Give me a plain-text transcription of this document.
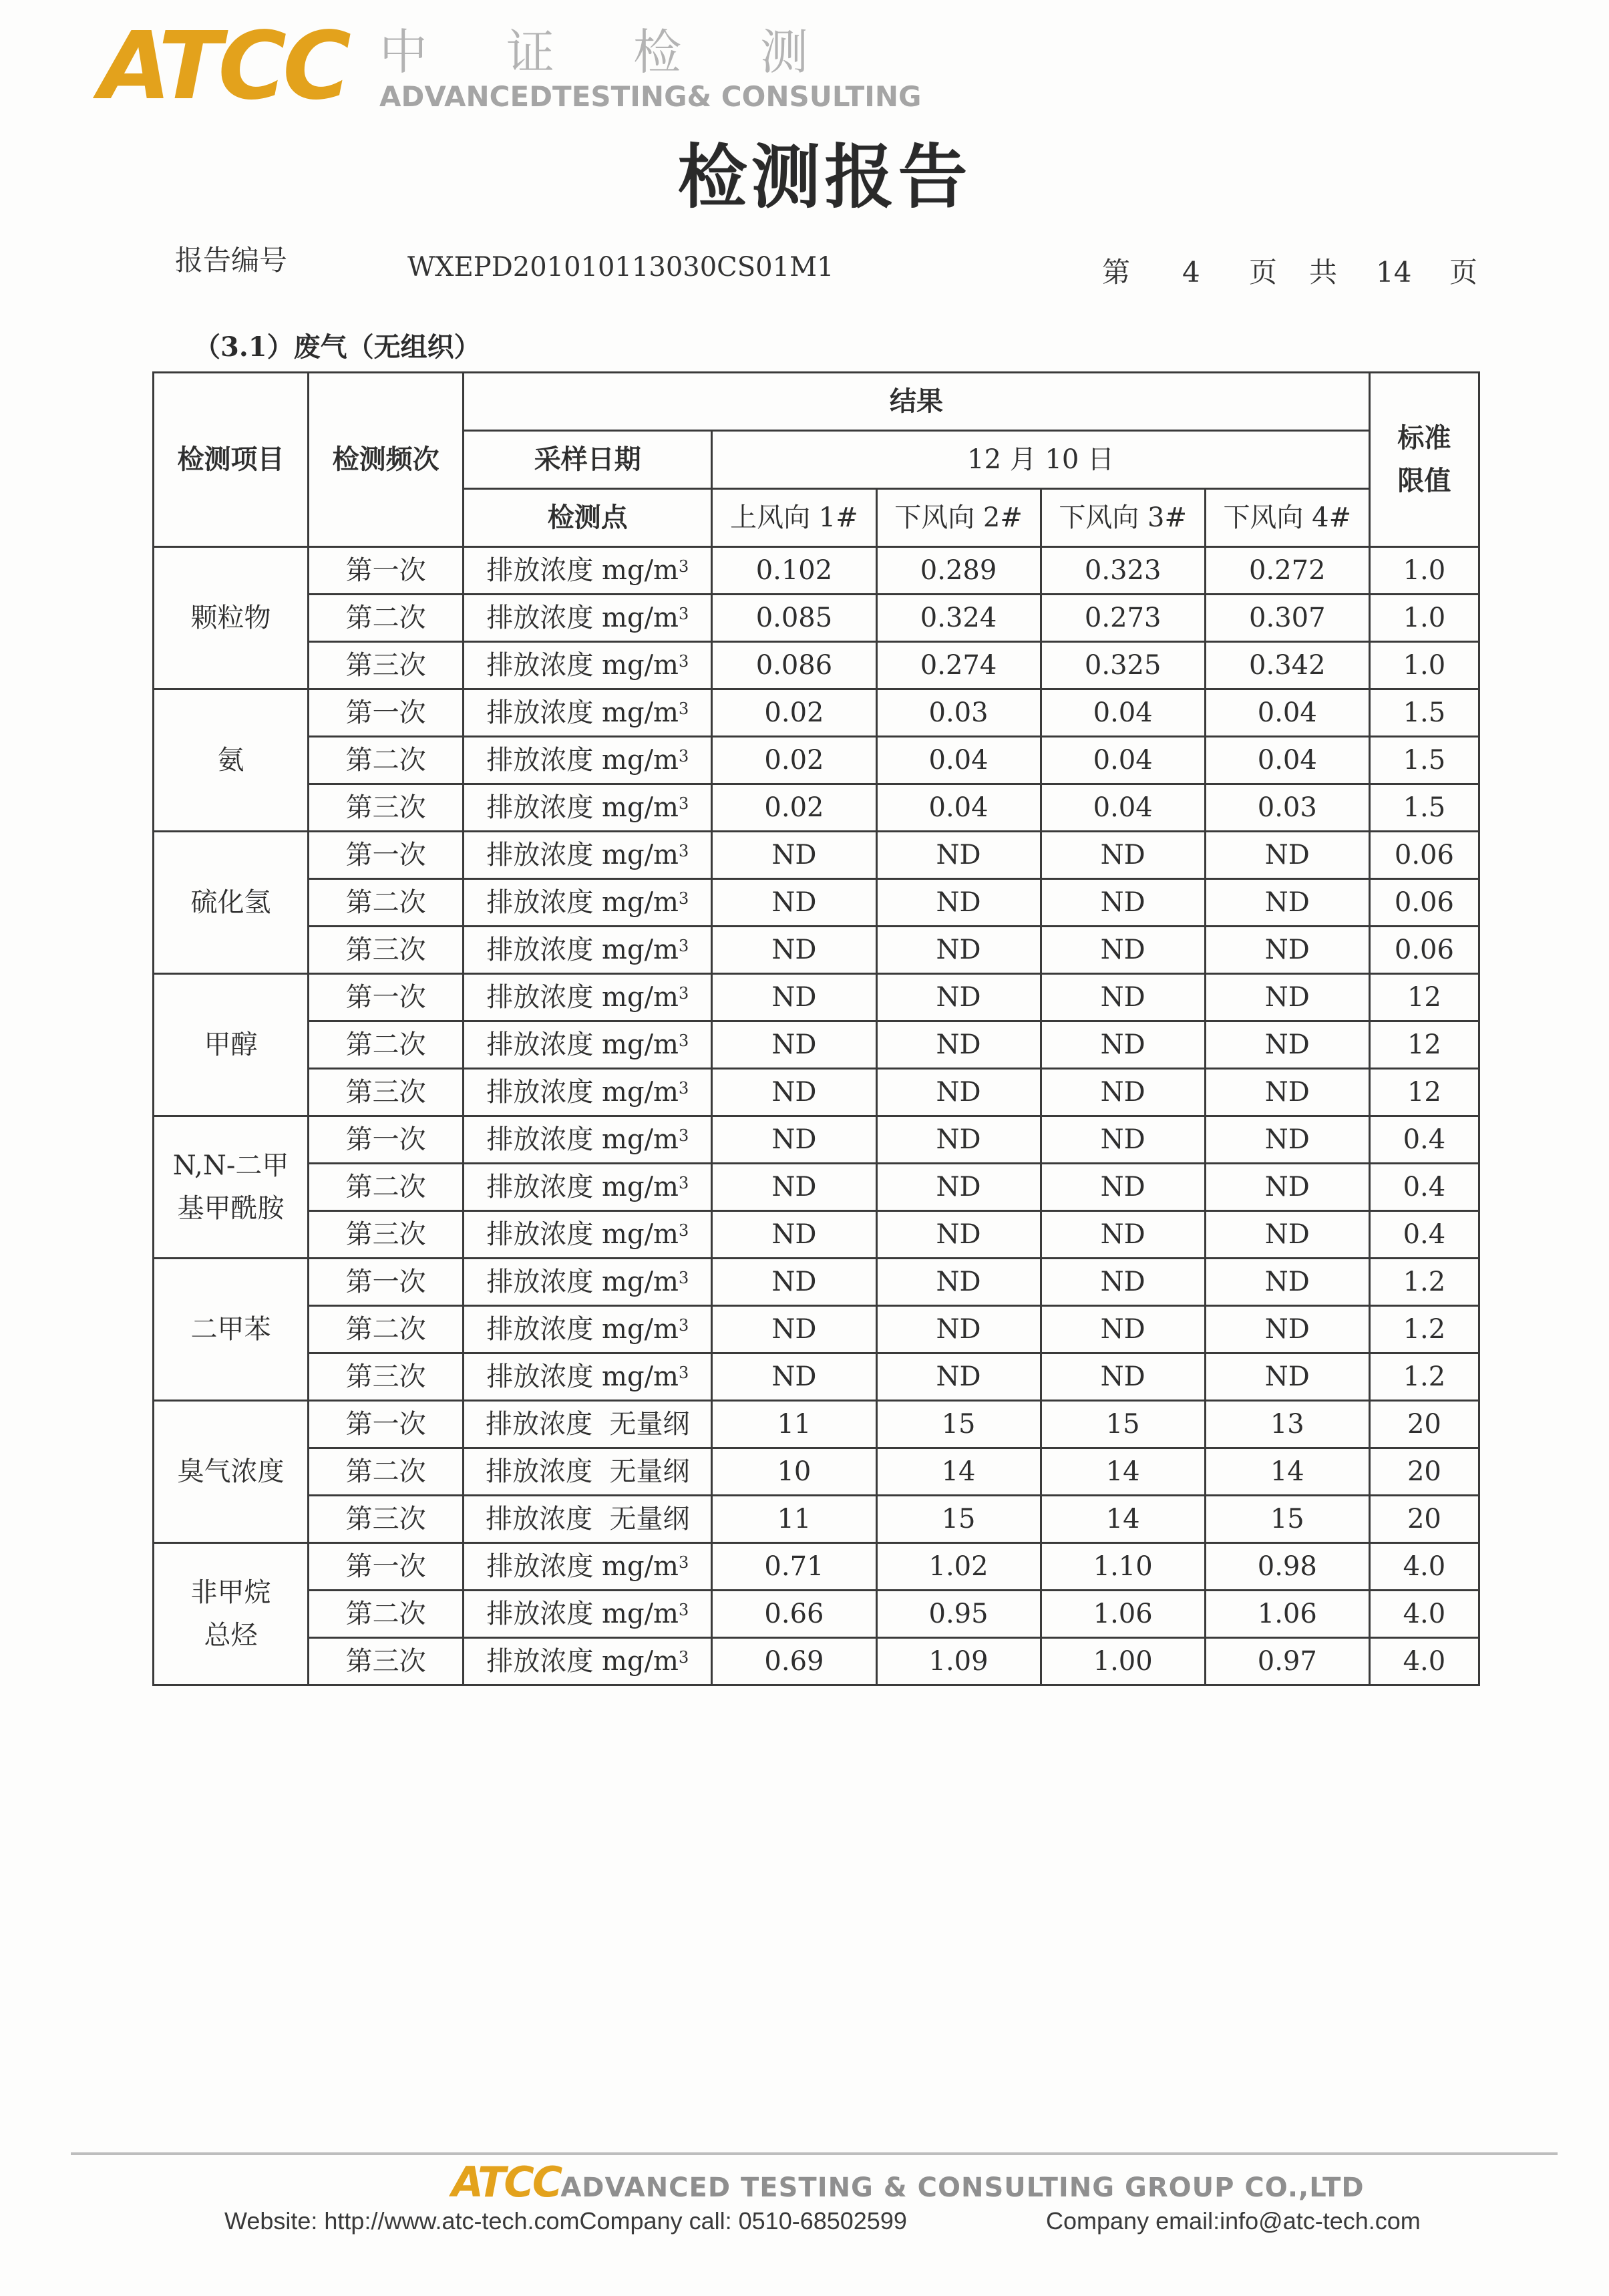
ATCC 中证检测
ADVANCEDTESTING& CONSULTING
检测报告
报告编号	WXEPD201010113030CS01M1	第 4 页 共 14 页
（3.1）废气（无组织）
检测项目	检测频次	结果					标准
限值

		采样日期	12 月 10 日				
		检测点	上风向 1#	下风向 2#	下风向 3#	下风向 4#	
颗粒物	第一次	排放浓度 $mg/m^3$	0.102	0.289	0.323	0.272	1.0
	第二次	排放浓度 $mg/m^3$	0.085	0.324	0.273	0.307	1.0
	第三次	排放浓度 $mg/m^3$	0.086	0.274	0.325	0.342	1.0
氨	第一次	排放浓度 $mg/m^3$	0.02	0.03	0.04	0.04	1.5
	第二次	排放浓度 $mg/m^3$	0.02	0.04	0.04	0.04	1.5
	第三次	排放浓度 $mg/m^3$	0.02	0.04	0.04	0.03	1.5
硫化氢	第一次	排放浓度 $mg/m^3$	ND	ND	ND	ND	0.06
	第二次	排放浓度 $mg/m^3$	ND	ND	ND	ND	0.06
	第三次	排放浓度 $mg/m^3$	ND	ND	ND	ND	0.06
甲醇	第一次	排放浓度 $mg/m^3$	ND	ND	ND	ND	12
	第二次	排放浓度 $mg/m^3$	ND	ND	ND	ND	12
	第三次	排放浓度 $mg/m^3$	ND	ND	ND	ND	12

N,N-二甲
基甲酰胺	第一次	排放浓度 $mg/m^3$	ND	ND	ND	ND	0.4
	第二次	排放浓度 $mg/m^3$	ND	ND	ND	ND	0.4
	第三次	排放浓度 $mg/m^3$	ND	ND	ND	ND	0.4
二甲苯	第一次	排放浓度 $mg/m^3$	ND	ND	ND	ND	1.2
	第二次	排放浓度 $mg/m^3$	ND	ND	ND	ND	1.2
	第三次	排放浓度 $mg/m^3$	ND	ND	ND	ND	1.2
臭气浓度	第一次	排放浓度  无量纲	11	15	15	13	20
	第二次	排放浓度  无量纲	10	14	14	14	20
	第三次	排放浓度  无量纲	11	15	14	15	20

非甲烷
总烃	第一次	排放浓度 $mg/m^3$	0.71	1.02	1.10	0.98	4.0
	第二次	排放浓度 $mg/m^3$	0.66	0.95	1.06	1.06	4.0
	第三次	排放浓度 $mg/m^3$	0.69	1.09	1.00	0.97	4.0
ATCCADVANCED TESTING & CONSULTING GROUP CO.,LTD
Website: http://www.atc-tech.comCompany call: 0510-68502599	Company email:info@atc-tech.com
